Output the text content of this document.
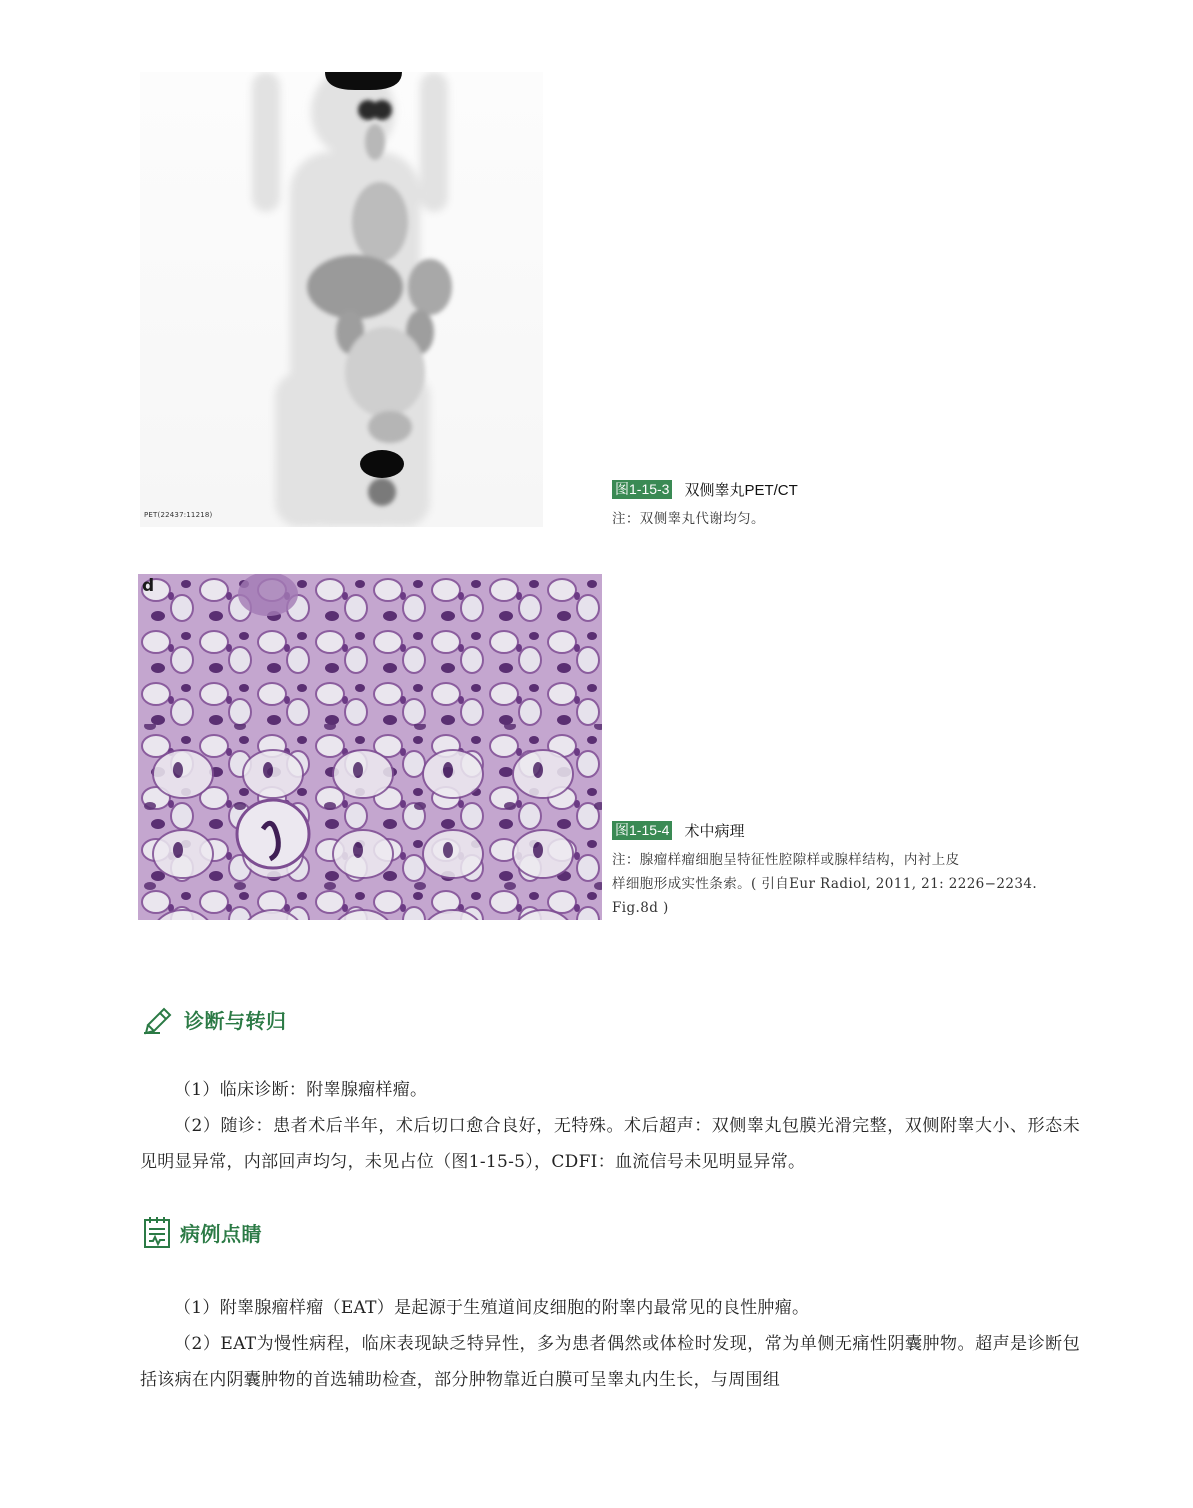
PET(22437:11218)
图1-15-3 双侧睾丸PET/CT
注：双侧睾丸代谢均匀。
d
图1-15-4 术中病理
注：腺瘤样瘤细胞呈特征性腔隙样或腺样结构，内衬上皮
样细胞形成实性条索。( 引自Eur Radiol, 2011, 21: 2226−2234.
Fig.8d )
诊断与转归

（1）临床诊断：附睾腺瘤样瘤。

（2）随诊：患者术后半年，术后切口愈合良好，无特殊。术后超声：双侧睾丸包膜光滑完整，双侧附睾大小、形态未见明显异常，内部回声均匀，未见占位（图1-15-5），CDFI：血流信号未见明显异常。

病例点睛

（1）附睾腺瘤样瘤（EAT）是起源于生殖道间皮细胞的附睾内最常见的良性肿瘤。

（2）EAT为慢性病程，临床表现缺乏特异性，多为患者偶然或体检时发现，常为单侧无痛性阴囊肿物。超声是诊断包括该病在内阴囊肿物的首选辅助检查，部分肿物靠近白膜可呈睾丸内生长，与周围组
